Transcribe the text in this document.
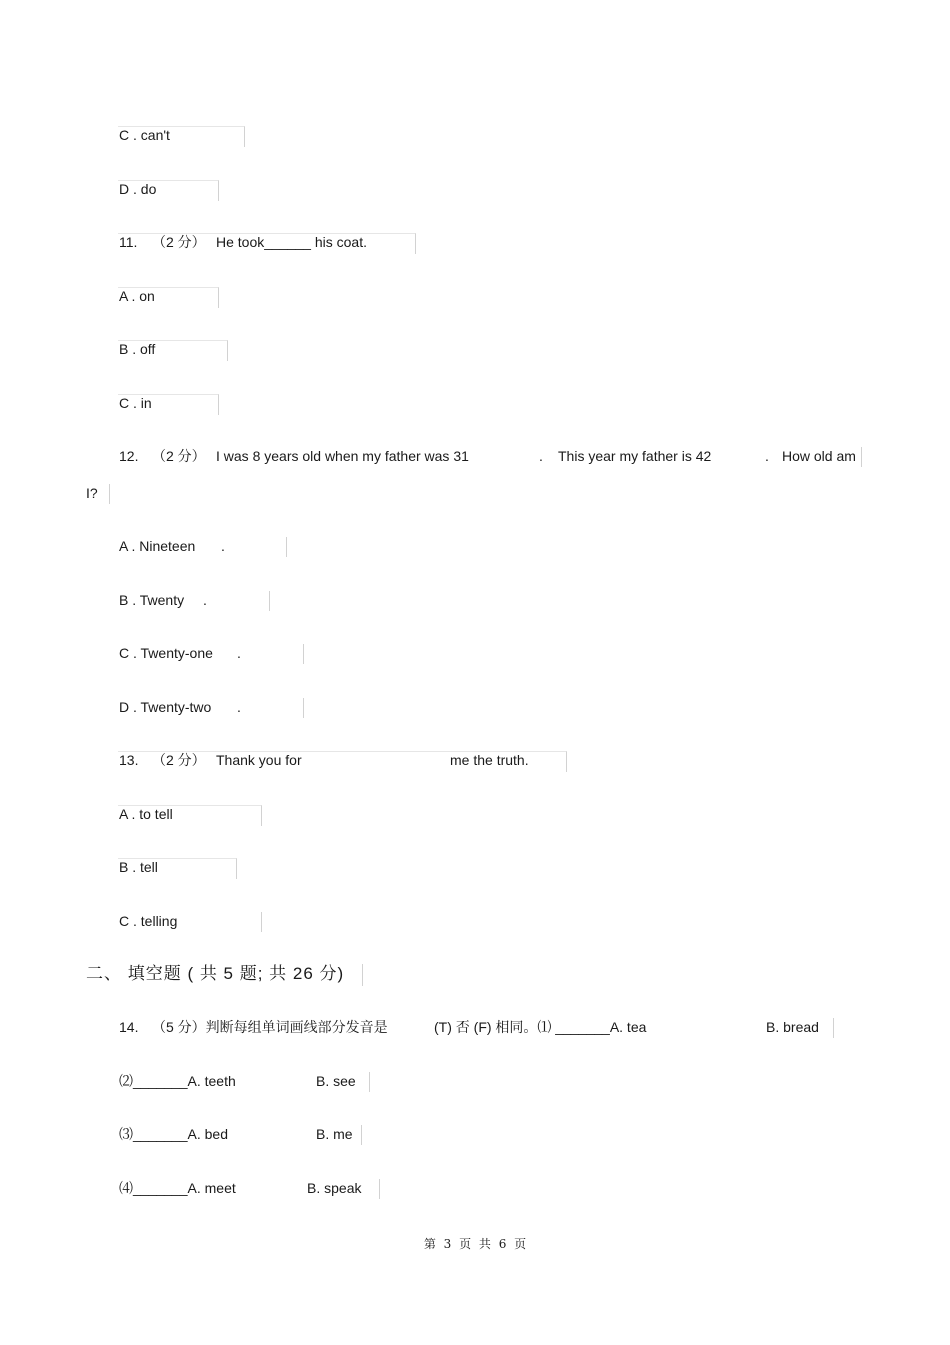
C . can't
D . do
11. （2 分） He took______ his coat.
A . on
B . off
C . in
12. （2 分） I was 8 years old when my father was 31	. This year my father is 42	. How old am
I?
A . Nineteen .
B . Twenty .
C . Twenty-one .
D . Twenty-two .
13. （2 分） Thank you for	me the truth.
A . to tell
B . tell
C . telling
二、 填空题 ( 共 5 题; 共 26 分)
14. （5 分）判断每组单词画线部分发音是	(T) 否 (F) 相同。⑴ _______A. tea	B. bread
⑵_______A. teeth	B. see
⑶_______A. bed	B. me
⑷_______A. meet	B. speak
第 3 页 共 6 页
